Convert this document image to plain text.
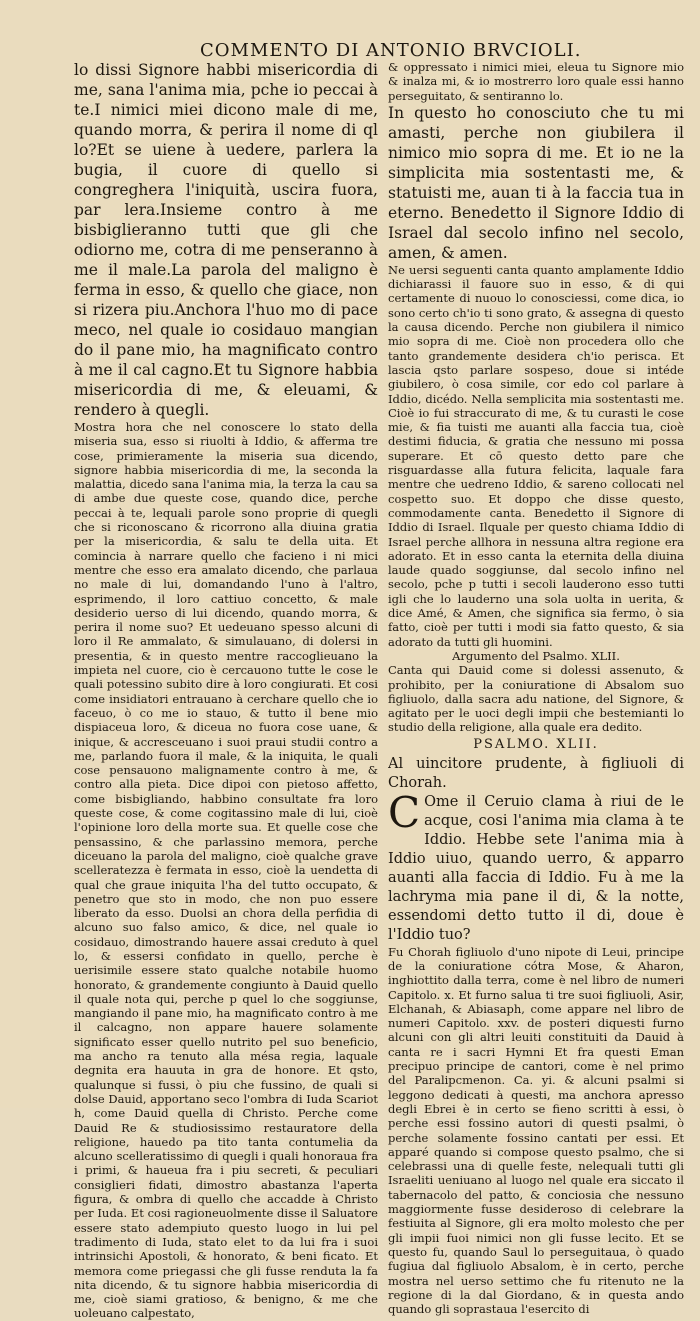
COMMENTO DI ANTONIO BRVCIOLI.

lo dissi Signore habbi misericordia di me, sana l'anima mia, pche io peccai à te.I nimici miei dicono male di me, quando morra, & perira il nome di ql lo?Et se uiene à uedere, parlera la bugia, il cuore di quello si congreghera l'iniquità, uscira fuora, par lera.Insieme contro à me bisbiglieranno tutti que gli che odiorno me, cotra di me penseranno à me il male.La parola del maligno è ferma in esso, & quello che giace, non si rizera piu.Anchora l'huo mo di pace meco, nel quale io cosidauo mangian do il pane mio, ha magnificato contro à me il cal cagno.Et tu Signore habbia misericordia di me, & eleuami, & rendero à quegli.

Mostra hora che nel conoscere lo stato della miseria sua, esso si riuolti à Iddio, & afferma tre cose, primieramente la miseria sua dicendo, signore habbia misericordia di me, la seconda la malattia, dicedo sana l'anima mia, la terza la cau sa di ambe due queste cose, quando dice, perche peccai à te, lequali parole sono proprie di quegli che si riconoscano & ricorrono alla diuina gratia per la misericordia, & salu te della uita. Et comincia à narrare quello che facieno i ni mici mentre che esso era amalato dicendo, che parlaua no male di lui, domandando l'uno à l'altro, esprimendo, il loro cattiuo concetto, & male desiderio uerso di lui dicendo, quando morra, & perira il nome suo? Et uedeuano spesso alcuni di loro il Re ammalato, & simulauano, di dolersi in presentia, & in questo mentre raccoglieuano la impieta nel cuore, cio è cercauono tutte le cose le quali potessino subito dire à loro congiurati. Et cosi come insidiatori entrauano à cerchare quello che io faceuo, ò co me io stauo, & tutto il bene mio dispiaceua loro, & diceua no fuora cose uane, & inique, & accresceuano i suoi praui studii contro a me, parlando fuora il male, & la iniquita, le quali cose pensauono malignamente contro à me, & contro alla pieta. Dice dipoi con pietoso affetto, come bisbigliando, habbino consultate fra loro queste cose, & come cogitassino male di lui, cioè l'opinione loro della morte sua. Et quelle cose che pensassino, & che parlassino memora, perche diceuano la parola del maligno, cioè qualche grave scelleratezza è fermata in esso, cioè la uendetta di qual che graue iniquita l'ha del tutto occupato, & penetro que sto in modo, che non puo essere liberato da esso. Duolsi an chora della perfidia di alcuno suo falso amico, & dice, nel quale io cosidauo, dimostrando hauere assai creduto à quel lo, & essersi confidato in quello, perche è uerisimile essere stato qualche notabile huomo honorato, & grandemente congiunto à Dauid quello il quale nota qui, perche p quel lo che soggiunse, mangiando il pane mio, ha magnificato contro à me il calcagno, non appare hauere solamente significato esser quello nutrito pel suo beneficio, ma ancho ra tenuto alla mésa regia, laquale degnita era hauuta in gra de honore. Et qsto, qualunque si fussi, ò piu che fussino, de quali si dolse Dauid, apportano seco l'ombra di Iuda Scariot h, come Dauid quella di Christo. Perche come Dauid Re & studiosissimo restauratore della religione, hauedo pa tito tanta contumelia da alcuno scelleratissimo di quegli i quali honoraua fra i primi, & haueua fra i piu secreti, & peculiari consiglieri fidati, dimostro abastanza l'aperta figura, & ombra di quello che accadde à Christo per Iuda. Et cosi ragioneuolmente disse il Saluatore essere stato adempiuto questo luogo in lui pel tradimento di Iuda, stato elet to da lui fra i suoi intrinsichi Apostoli, & honorato, & beni ficato. Et memora come priegassi che gli fusse renduta la fa nita dicendo, & tu signore habbia misericordia di me, cioè siami gratioso, & benigno, & me che uoleuano calpestato,

& oppressato i nimici miei, eleua tu Signore mio & inalza mi, & io mostrerro loro quale essi hanno perseguitato, & sentiranno lo.

In questo ho conosciuto che tu mi amasti, perche non giubilera il nimico mio sopra di me. Et io ne la simplicita mia sostentasti me, & statuisti me, auan ti à la faccia tua in eterno. Benedetto il Signore Iddio di Israel dal secolo infino nel secolo, amen, & amen.

Ne uersi seguenti canta quanto amplamente Iddio dichiarassi il fauore suo in esso, & di qui certamente di nuouo lo conosciessi, come dica, io sono certo ch'io ti sono grato, & assegna di questo la causa dicendo. Perche non giubilera il nimico mio sopra di me. Cioè non procedera ollo che tanto grandemente desidera ch'io perisca. Et lascia qsto parlare sospeso, doue si intéde giubilero, ò cosa simile, cor edo col parlare à Iddio, dicédo. Nella semplicita mia sostentasti me. Cioè io fui straccurato di me, & tu curasti le cose mie, & fia tuisti me auanti alla faccia tua, cioè destimi fiducia, & gratia che nessuno mi possa superare. Et cō questo detto pare che risguardasse alla futura felicita, laquale fara mentre che uedreno Iddio, & sareno collocati nel cospetto suo. Et doppo che disse questo, commodamente canta. Benedetto il Signore di Iddio di Israel. Ilquale per questo chiama Iddio di Israel perche allhora in nessuna altra regione era adorato. Et in esso canta la eternita della diuina laude quado soggiunse, dal secolo infino nel secolo, pche p tutti i secoli lauderono esso tutti igli che lo lauderno una sola uolta in uerita, & dice Amé, & Amen, che significa sia fermo, ò sia fatto, cioè per tutti i modi sia fatto questo, & sia adorato da tutti gli huomini.

Argumento del Psalmo. XLII.

Canta qui Dauid come si dolessi assenuto, & prohibito, per la coniuratione di Absalom suo figliuolo, dalla sacra adu natione, del Signore, & agitato per le uoci degli impii che bestemianti lo studio della religione, alla quale era dedito.

PSALMO. XLII.

Al uincitore prudente, à figliuoli di Chorah.

C Ome il Ceruio clama à riui de le acque, cosi l'anima mia clama à te Iddio. Hebbe sete l'anima mia à Iddio uiuo, quando uerro, & apparro auanti alla faccia di Iddio. Fu à me la lachryma mia pane il di, & la notte, essendomi detto tutto il di, doue è l'Iddio tuo?

Fu Chorah figliuolo d'uno nipote di Leui, principe de la coniuratione cótra Mose, & Aharon, inghiottito dalla terra, come è nel libro de numeri Capitolo. x. Et furno salua ti tre suoi figliuoli, Asir, Elchanah, & Abiasaph, come appare nel libro de numeri Capitolo. xxv. de posteri diquesti furno alcuni con gli altri leuiti constituiti da Dauid à canta re i sacri Hymni Et fra questi Eman precipuo principe de cantori, come è nel primo del Paralipcmenon. Ca. yi. & alcuni psalmi si leggono dedicati à questi, ma anchora apresso degli Ebrei è in certo se fieno scritti à essi, ò perche essi fossino autori di questi psalmi, ò perche solamente fossino cantati per essi. Et apparé quando si compose questo psalmo, che si celebrassi una di quelle feste, nelequali tutti gli Israeliti ueniuano al luogo nel quale era siccato il tabernacolo del patto, & conciosia che nessuno maggiormente fusse desideroso di celebrare la festiuita al Signore, gli era molto molesto che per gli impii fuoi nimici non gli fusse lecito. Et se questo fu, quando Saul lo perseguitaua, ò quado fugiua dal figliuolo Absalom, è in certo, perche mostra nel uerso settimo che fu ritenuto ne la regione di la dal Giordano, & in questa ando quando gli soprastaua l'esercito di
